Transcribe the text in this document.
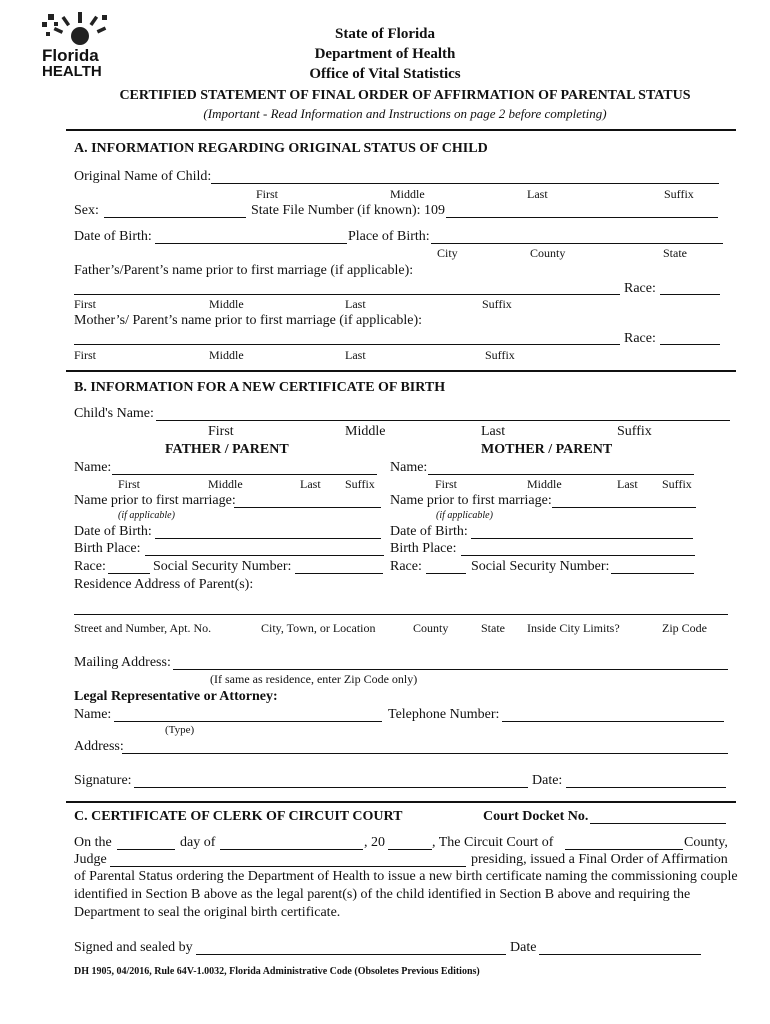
Florida
HEALTH
State of Florida
Department of Health
Office of Vital Statistics
CERTIFIED STATEMENT OF FINAL ORDER OF AFFIRMATION OF PARENTAL STATUS
(Important - Read Information and Instructions on page 2 before completing)
A. INFORMATION REGARDING ORIGINAL STATUS OF CHILD
Original Name of Child:
First	Middle	Last	Suffix
Sex:	State File Number (if known): 109
Date of Birth:	Place of Birth:
City	County	State
Father’s/Parent’s name prior to first marriage (if applicable):
Race:
First	Middle	Last	Suffix
Mother’s/ Parent’s name prior to first marriage (if applicable):
Race:
First	Middle	Last	Suffix
B. INFORMATION FOR A NEW CERTIFICATE OF BIRTH
Child's Name:
First	Middle	Last	Suffix
FATHER / PARENT	MOTHER / PARENT
Name:	Name:
First	Middle	Last Suffix	First	Middle	Last Suffix
Name prior to first marriage:	Name prior to first marriage:
(if applicable)	(if applicable)
Date of Birth:	Date of Birth:
Birth Place:	Birth Place:
Race:	Social Security Number:	Race:	Social Security Number:
Residence Address of Parent(s):
Street and Number, Apt. No.	City, Town, or Location	County	State Inside City Limits?	Zip Code
Mailing Address:
(If same as residence, enter Zip Code only)
Legal Representative or Attorney:
Name:	Telephone Number:
(Type)
Address:
Signature:	Date:
C. CERTIFICATE OF CLERK OF CIRCUIT COURT	Court Docket No.
On the	day of	, 20	, The Circuit Court of	County,
Judge	presiding, issued a Final Order of Affirmation
of Parental Status ordering the Department of Health to issue a new birth certificate naming the commissioning couple
identified in Section B above as the legal parent(s) of the child identified in Section B above and requiring the
Department to seal the original birth certificate.
Signed and sealed by	Date
DH 1905, 04/2016, Rule 64V-1.0032, Florida Administrative Code (Obsoletes Previous Editions)
